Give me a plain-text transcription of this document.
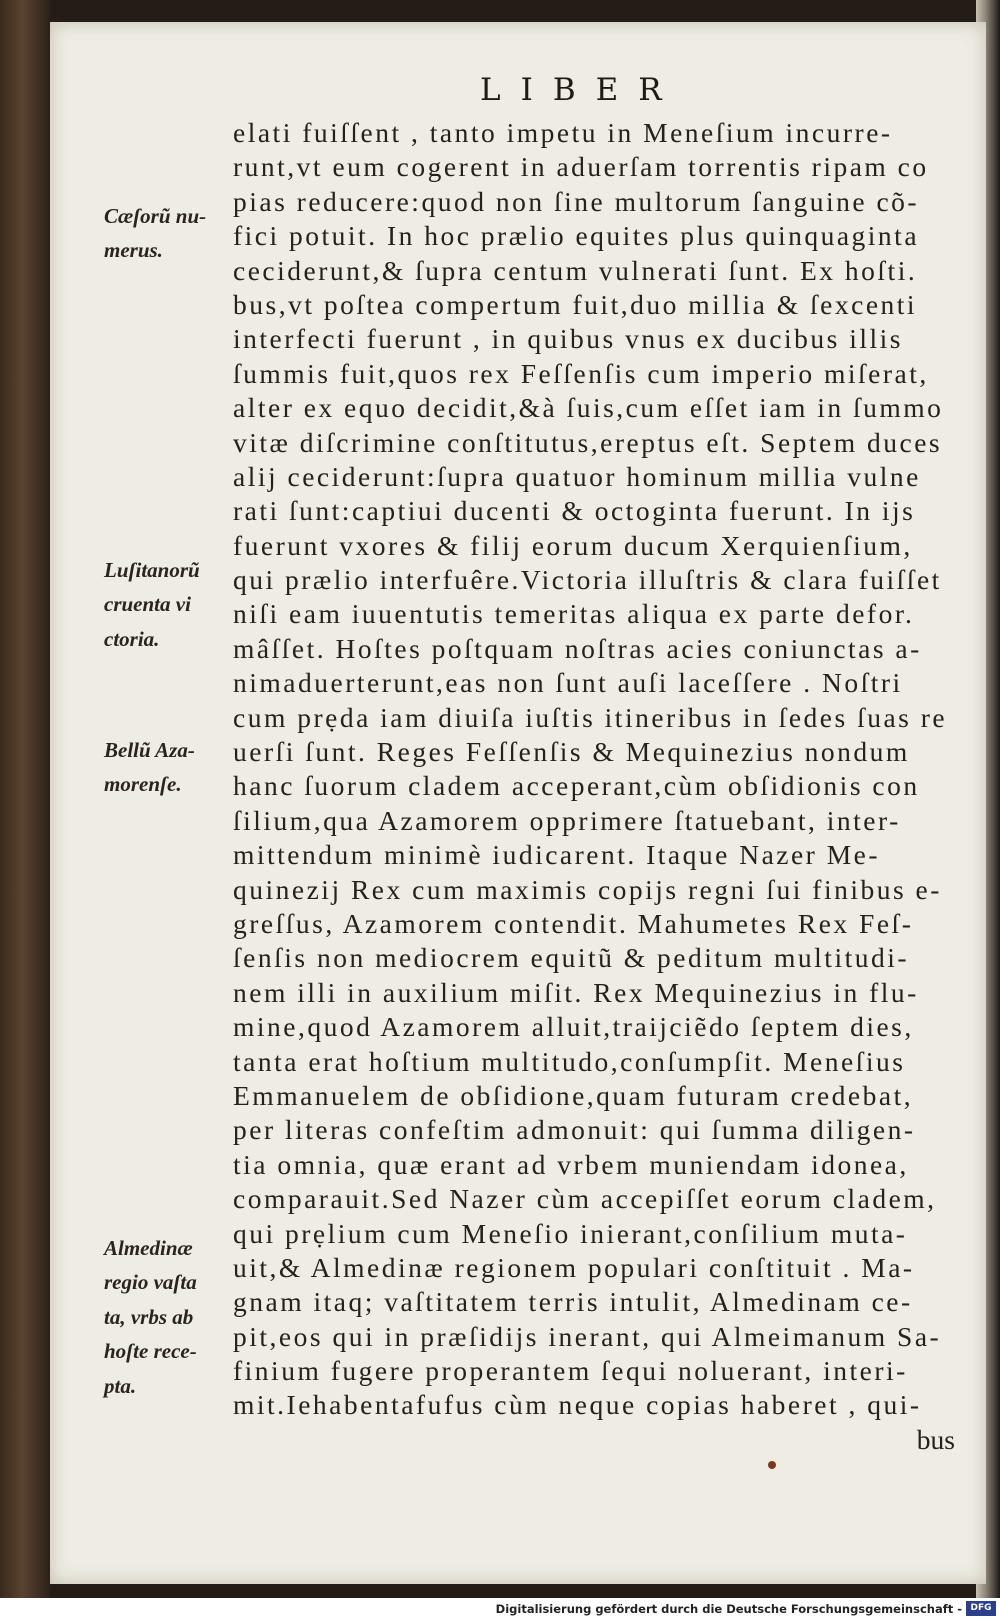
LIBER
Cæſorũ nu-
merus.
Luſitanorũ
cruenta vi
ctoria.
Bellũ Aza-
morenſe.
Almedinæ
regio vaſta
ta, vrbs ab
hoſte rece-
pta.
elati fuiſſent , tanto impetu in Meneſium incurre-
runt,vt eum cogerent in aduerſam torrentis ripam co
pias reducere:quod non ſine multorum ſanguine cõ-
fici potuit. In hoc prælio equites plus quinquaginta
ceciderunt,& ſupra centum vulnerati ſunt. Ex hoſti.
bus,vt poſtea compertum fuit,duo millia & ſexcenti
interfecti fuerunt , in quibus vnus ex ducibus illis
ſummis fuit,quos rex Feſſenſis cum imperio miſerat,
alter ex equo decidit,&à ſuis,cum eſſet iam in ſummo
vitæ diſcrimine conſtitutus,ereptus eſt. Septem duces
alij ceciderunt:ſupra quatuor hominum millia vulne
rati ſunt:captiui ducenti & octoginta fuerunt. In ijs
fuerunt vxores & filij eorum ducum Xerquienſium,
qui prælio interfuêre.Victoria illuſtris & clara fuiſſet
niſi eam iuuentutis temeritas aliqua ex parte defor.
mâſſet. Hoſtes poſtquam noſtras acies coniunctas a-
nimaduerterunt,eas non ſunt auſi laceſſere . Noſtri
cum prẹda iam diuiſa iuſtis itineribus in ſedes ſuas re
uerſi ſunt. Reges Feſſenſis & Mequinezius nondum
hanc ſuorum cladem acceperant,cùm obſidionis con
ſilium,qua Azamorem opprimere ſtatuebant, inter-
mittendum minimè iudicarent. Itaque Nazer Me-
quinezij Rex cum maximis copijs regni ſui finibus e-
greſſus, Azamorem contendit. Mahumetes Rex Feſ-
ſenſis non mediocrem equitũ & peditum multitudi-
nem illi in auxilium miſit. Rex Mequinezius in flu-
mine,quod Azamorem alluit,traijciẽdo ſeptem dies,
tanta erat hoſtium multitudo,conſumpſit. Meneſius
Emmanuelem de obſidione,quam futuram credebat,
per literas confeſtim admonuit: qui ſumma diligen-
tia omnia, quæ erant ad vrbem muniendam idonea,
comparauit.Sed Nazer cùm accepiſſet eorum cladem,
qui prẹlium cum Meneſio inierant,conſilium muta-
uit,& Almedinæ regionem populari conſtituit . Ma-
gnam itaq; vaſtitatem terris intulit, Almedinam ce-
pit,eos qui in præſidijs inerant, qui Almeimanum Sa-
finium fugere properantem ſequi noluerant, interi-
mit.Iehabentafufus cùm neque copias haberet , qui-
bus
Digitalisierung gefördert durch die Deutsche Forschungsgemeinschaft - DFG
